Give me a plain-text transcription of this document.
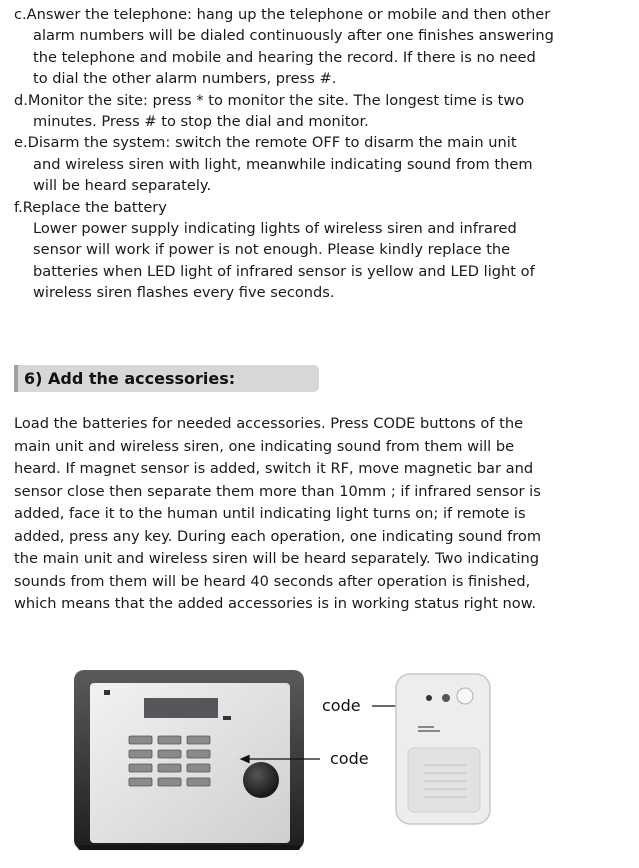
c.Answer the telephone: hang up the telephone or mobile and then other
alarm numbers will be dialed continuously after one finishes answering
the telephone and mobile and hearing the record. If there is no need
to dial the other alarm numbers, press #.

d.Monitor the site: press * to monitor the site. The longest time is two
minutes. Press # to stop the dial and monitor.

e.Disarm the system: switch the remote OFF to disarm the main unit
and wireless siren with light, meanwhile indicating sound from them
will be heard separately.

f.Replace the battery
Lower power supply indicating lights of wireless siren and infrared
sensor will work if power is not enough. Please kindly replace the
batteries when LED light of infrared sensor is yellow and LED light of
wireless siren flashes every five seconds.

6) Add the accessories:

Load the batteries for needed accessories. Press CODE buttons of the
main unit and wireless siren, one indicating sound from them will be
heard. If magnet sensor is added, switch it RF, move magnetic bar and
sensor close then separate them more than 10mm ; if infrared sensor is
added, face it to the human until indicating light turns on; if remote is
added, press any key. During each operation, one indicating sound from
the main unit and wireless siren will be heard separately. Two indicating
sounds from them will be heard 40 seconds after operation is finished,
which means that the added accessories is in working status right now.

code
code
